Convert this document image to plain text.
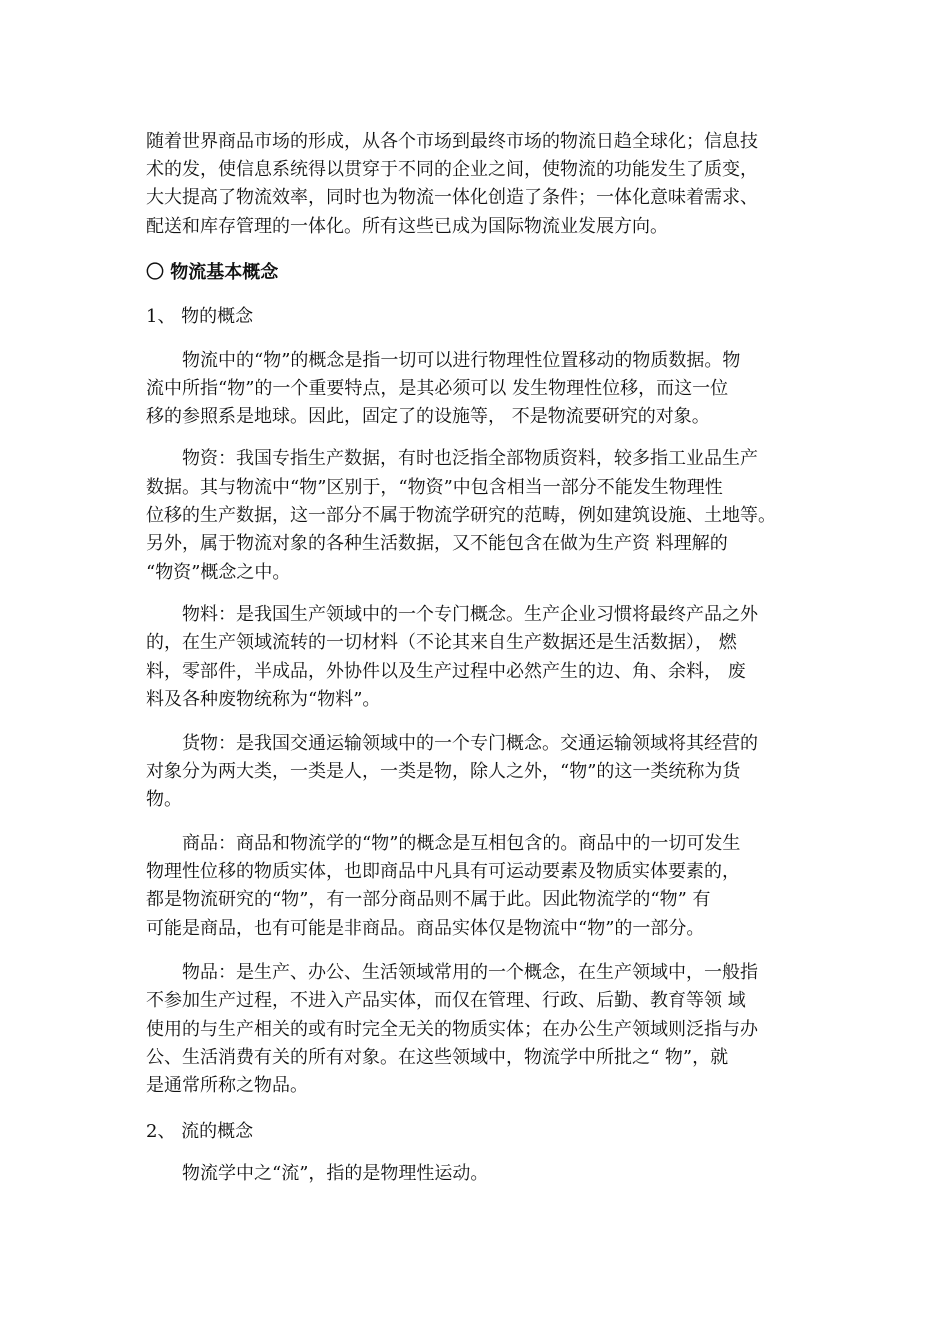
随着世界商品市场的形成，从各个市场到最终市场的物流日趋全球化；信息技
术的发，使信息系统得以贯穿于不同的企业之间，使物流的功能发生了质变，
大大提高了物流效率，同时也为物流一体化创造了条件；一体化意味着需求、
配送和库存管理的一体化。所有这些已成为国际物流业发展方向。
〇 物流基本概念
1、 物的概念
物流中的“物”的概念是指一切可以进行物理性位置移动的物质数据。物
流中所指“物”的一个重要特点，是其必须可以 发生物理性位移，而这一位
移的参照系是地球。因此，固定了的设施等， 不是物流要研究的对象。
物资：我国专指生产数据，有时也泛指全部物质资料，较多指工业品生产
数据。其与物流中“物”区别于，“物资”中包含相当一部分不能发生物理性
位移的生产数据，这一部分不属于物流学研究的范畴，例如建筑设施、土地等。
另外，属于物流对象的各种生活数据，又不能包含在做为生产资 料理解的
“物资”概念之中。
物料：是我国生产领域中的一个专门概念。生产企业习惯将最终产品之外
的，在生产领域流转的一切材料（不论其来自生产数据还是生活数据）， 燃
料，零部件，半成品，外协件以及生产过程中必然产生的边、角、余料， 废
料及各种废物统称为“物料”。
货物：是我国交通运输领域中的一个专门概念。交通运输领域将其经营的
对象分为两大类，一类是人，一类是物，除人之外，“物”的这一类统称为货
物。
商品：商品和物流学的“物”的概念是互相包含的。商品中的一切可发生
物理性位移的物质实体，也即商品中凡具有可运动要素及物质实体要素的，
都是物流研究的“物”，有一部分商品则不属于此。因此物流学的“物” 有
可能是商品，也有可能是非商品。商品实体仅是物流中“物”的一部分。
物品：是生产、办公、生活领域常用的一个概念，在生产领域中，一般指
不参加生产过程，不进入产品实体，而仅在管理、行政、后勤、教育等领 域
使用的与生产相关的或有时完全无关的物质实体；在办公生产领域则泛指与办
公、生活消费有关的所有对象。在这些领域中，物流学中所批之“ 物”，就
是通常所称之物品。
2、 流的概念
物流学中之“流”，指的是物理性运动。
